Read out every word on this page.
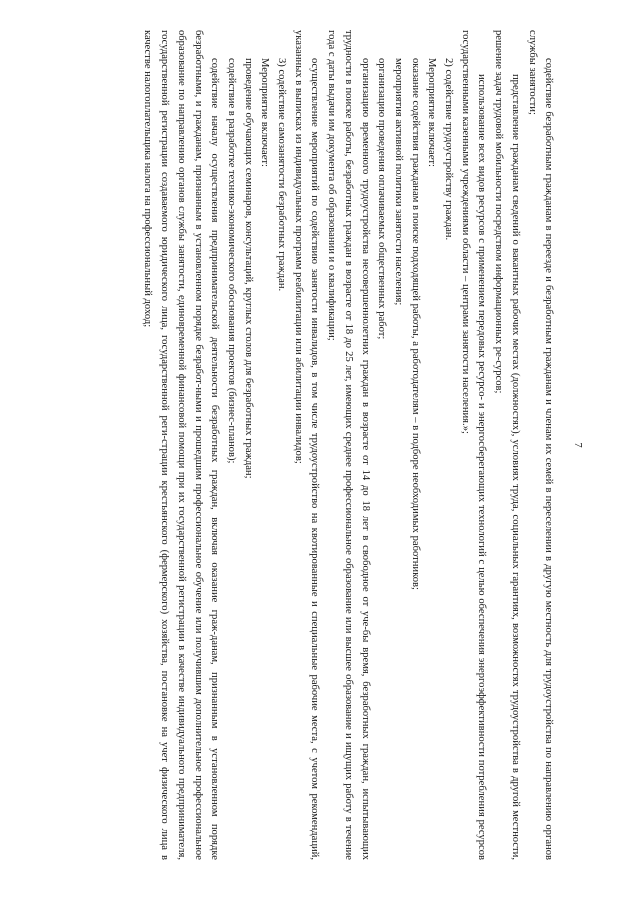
7

содействие безработным гражданам в переезде и безработным гражданам и членам их семей в переселении в другую местность для трудоустройства по направлению органов службы занятости;

представление гражданам сведений о вакантных рабочих местах (должностях), условиях труда, социальных гарантиях, возможностях трудоустройства в другой местности, решение задач трудовой мобильности посредством информационных ре-сурсов;

использование всех видов ресурсов с применением передовых ресурсо- и энергосберегающих технологий с целью обеспечения энергоэффективности потребления ресурсов государственными казенными учреждениями области – центрами занятости населения.»;

2) содействие трудоустройству граждан.

Мероприятие включает:

оказание содействия гражданам в поиске подходящей работы, а работодателям – в подборе необходимых работников;

мероприятия активной политики занятости населения;

организацию проведения оплачиваемых общественных работ;

организацию временного трудоустройства несовершеннолетних граждан в возрасте от 14 до 18 лет в свободное от уче-бы время, безработных граждан, испытывающих трудности в поиске работы, безработных граждан в возрасте от 18 до 25 лет, имеющих среднее профессиональное образование или высшее образование и ищущих работу в течение года с даты выдачи им документа об образовании и о квалификации;

осуществление мероприятий по содействию занятости инвалидов, в том числе трудоустройство на квотированные и специальные рабочие места, с учетом рекомендаций, указанных в выписках из индивидуальных программ реабилитации или абилитации инвалидов;

3) содействие самозанятости безработных граждан.

Мероприятие включает:

проведение обучающих семинаров, консультаций, круглых столов для безработных граждан;

содействие в разработке технико-экономического обоснования проектов (бизнес-планов);

содействие началу осуществления предпринимательской деятельности безработных граждан, включая оказание граж-данам, признанным в установленном порядке безработными, и гражданам, признанным в установленном порядке безработ-ными и прошедшим профессиональное обучение или получившим дополнительное профессиональное образование по направлению органов службы занятости, единовременной финансовой помощи при их государственной регистрации в качестве индивидуального предпринимателя, государственной регистрации создаваемого юридического лица, государственной реги-страции крестьянского (фермерского) хозяйства, постановке на учет физического лица в качестве налогоплательщика налога на профессиональный доход;
